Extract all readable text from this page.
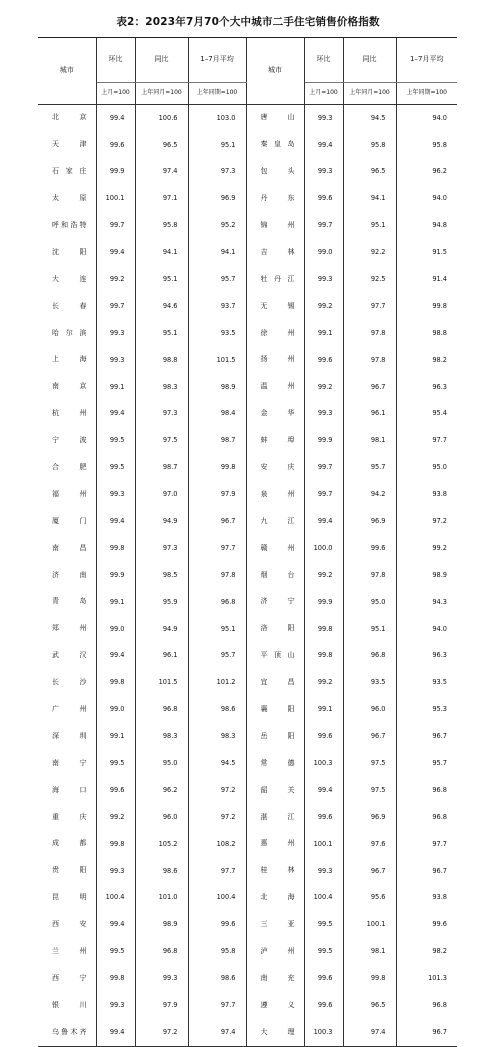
表2：2023年7月70个大中城市二手住宅销售价格指数
城市	环比	同比	1–7月平均	城市	环比	同比	1–7月平均
	上月=100	上年同月=100	上年同期=100		上月=100	上年同月=100	上年同期=100
北京	99.4	100.6	103.0	唐山	99.3	94.5	94.0
天津	99.6	96.5	95.1	秦皇岛	99.4	95.8	95.8
石家庄	99.9	97.4	97.3	包头	99.3	96.5	96.2
太原	100.1	97.1	96.9	丹东	99.6	94.1	94.0
呼和浩特	99.7	95.8	95.2	锦州	99.7	95.1	94.8
沈阳	99.4	94.1	94.1	吉林	99.0	92.2	91.5
大连	99.2	95.1	95.7	牡丹江	99.3	92.5	91.4
长春	99.7	94.6	93.7	无锡	99.2	97.7	99.8
哈尔滨	99.3	95.1	93.5	徐州	99.1	97.8	98.8
上海	99.3	98.8	101.5	扬州	99.6	97.8	98.2
南京	99.1	98.3	98.9	温州	99.2	96.7	96.3
杭州	99.4	97.3	98.4	金华	99.3	96.1	95.4
宁波	99.5	97.5	98.7	蚌埠	99.9	98.1	97.7
合肥	99.5	98.7	99.8	安庆	99.7	95.7	95.0
福州	99.3	97.0	97.9	泉州	99.7	94.2	93.8
厦门	99.4	94.9	96.7	九江	99.4	96.9	97.2
南昌	99.8	97.3	97.7	赣州	100.0	99.6	99.2
济南	99.9	98.5	97.8	烟台	99.2	97.8	98.9
青岛	99.1	95.9	96.8	济宁	99.9	95.0	94.3
郑州	99.0	94.9	95.1	洛阳	99.8	95.1	94.0
武汉	99.4	96.1	95.7	平顶山	99.8	96.8	96.3
长沙	99.8	101.5	101.2	宜昌	99.2	93.5	93.5
广州	99.0	96.8	98.6	襄阳	99.1	96.0	95.3
深圳	99.1	98.3	98.3	岳阳	99.6	96.7	96.7
南宁	99.5	95.0	94.5	常德	100.3	97.5	95.7
海口	99.6	96.2	97.2	韶关	99.4	97.5	96.8
重庆	99.2	96.0	97.2	湛江	99.6	96.9	96.8
成都	99.8	105.2	108.2	惠州	100.1	97.6	97.7
贵阳	99.3	98.6	97.7	桂林	99.3	96.7	96.7
昆明	100.4	101.0	100.4	北海	100.4	95.6	93.8
西安	99.4	98.9	99.6	三亚	99.5	100.1	99.6
兰州	99.5	96.8	95.8	泸州	99.5	98.1	98.2
西宁	99.8	99.3	98.6	南充	99.6	99.8	101.3
银川	99.3	97.9	97.7	遵义	99.6	96.5	96.8
乌鲁木齐	99.4	97.2	97.4	大理	100.3	97.4	96.7
